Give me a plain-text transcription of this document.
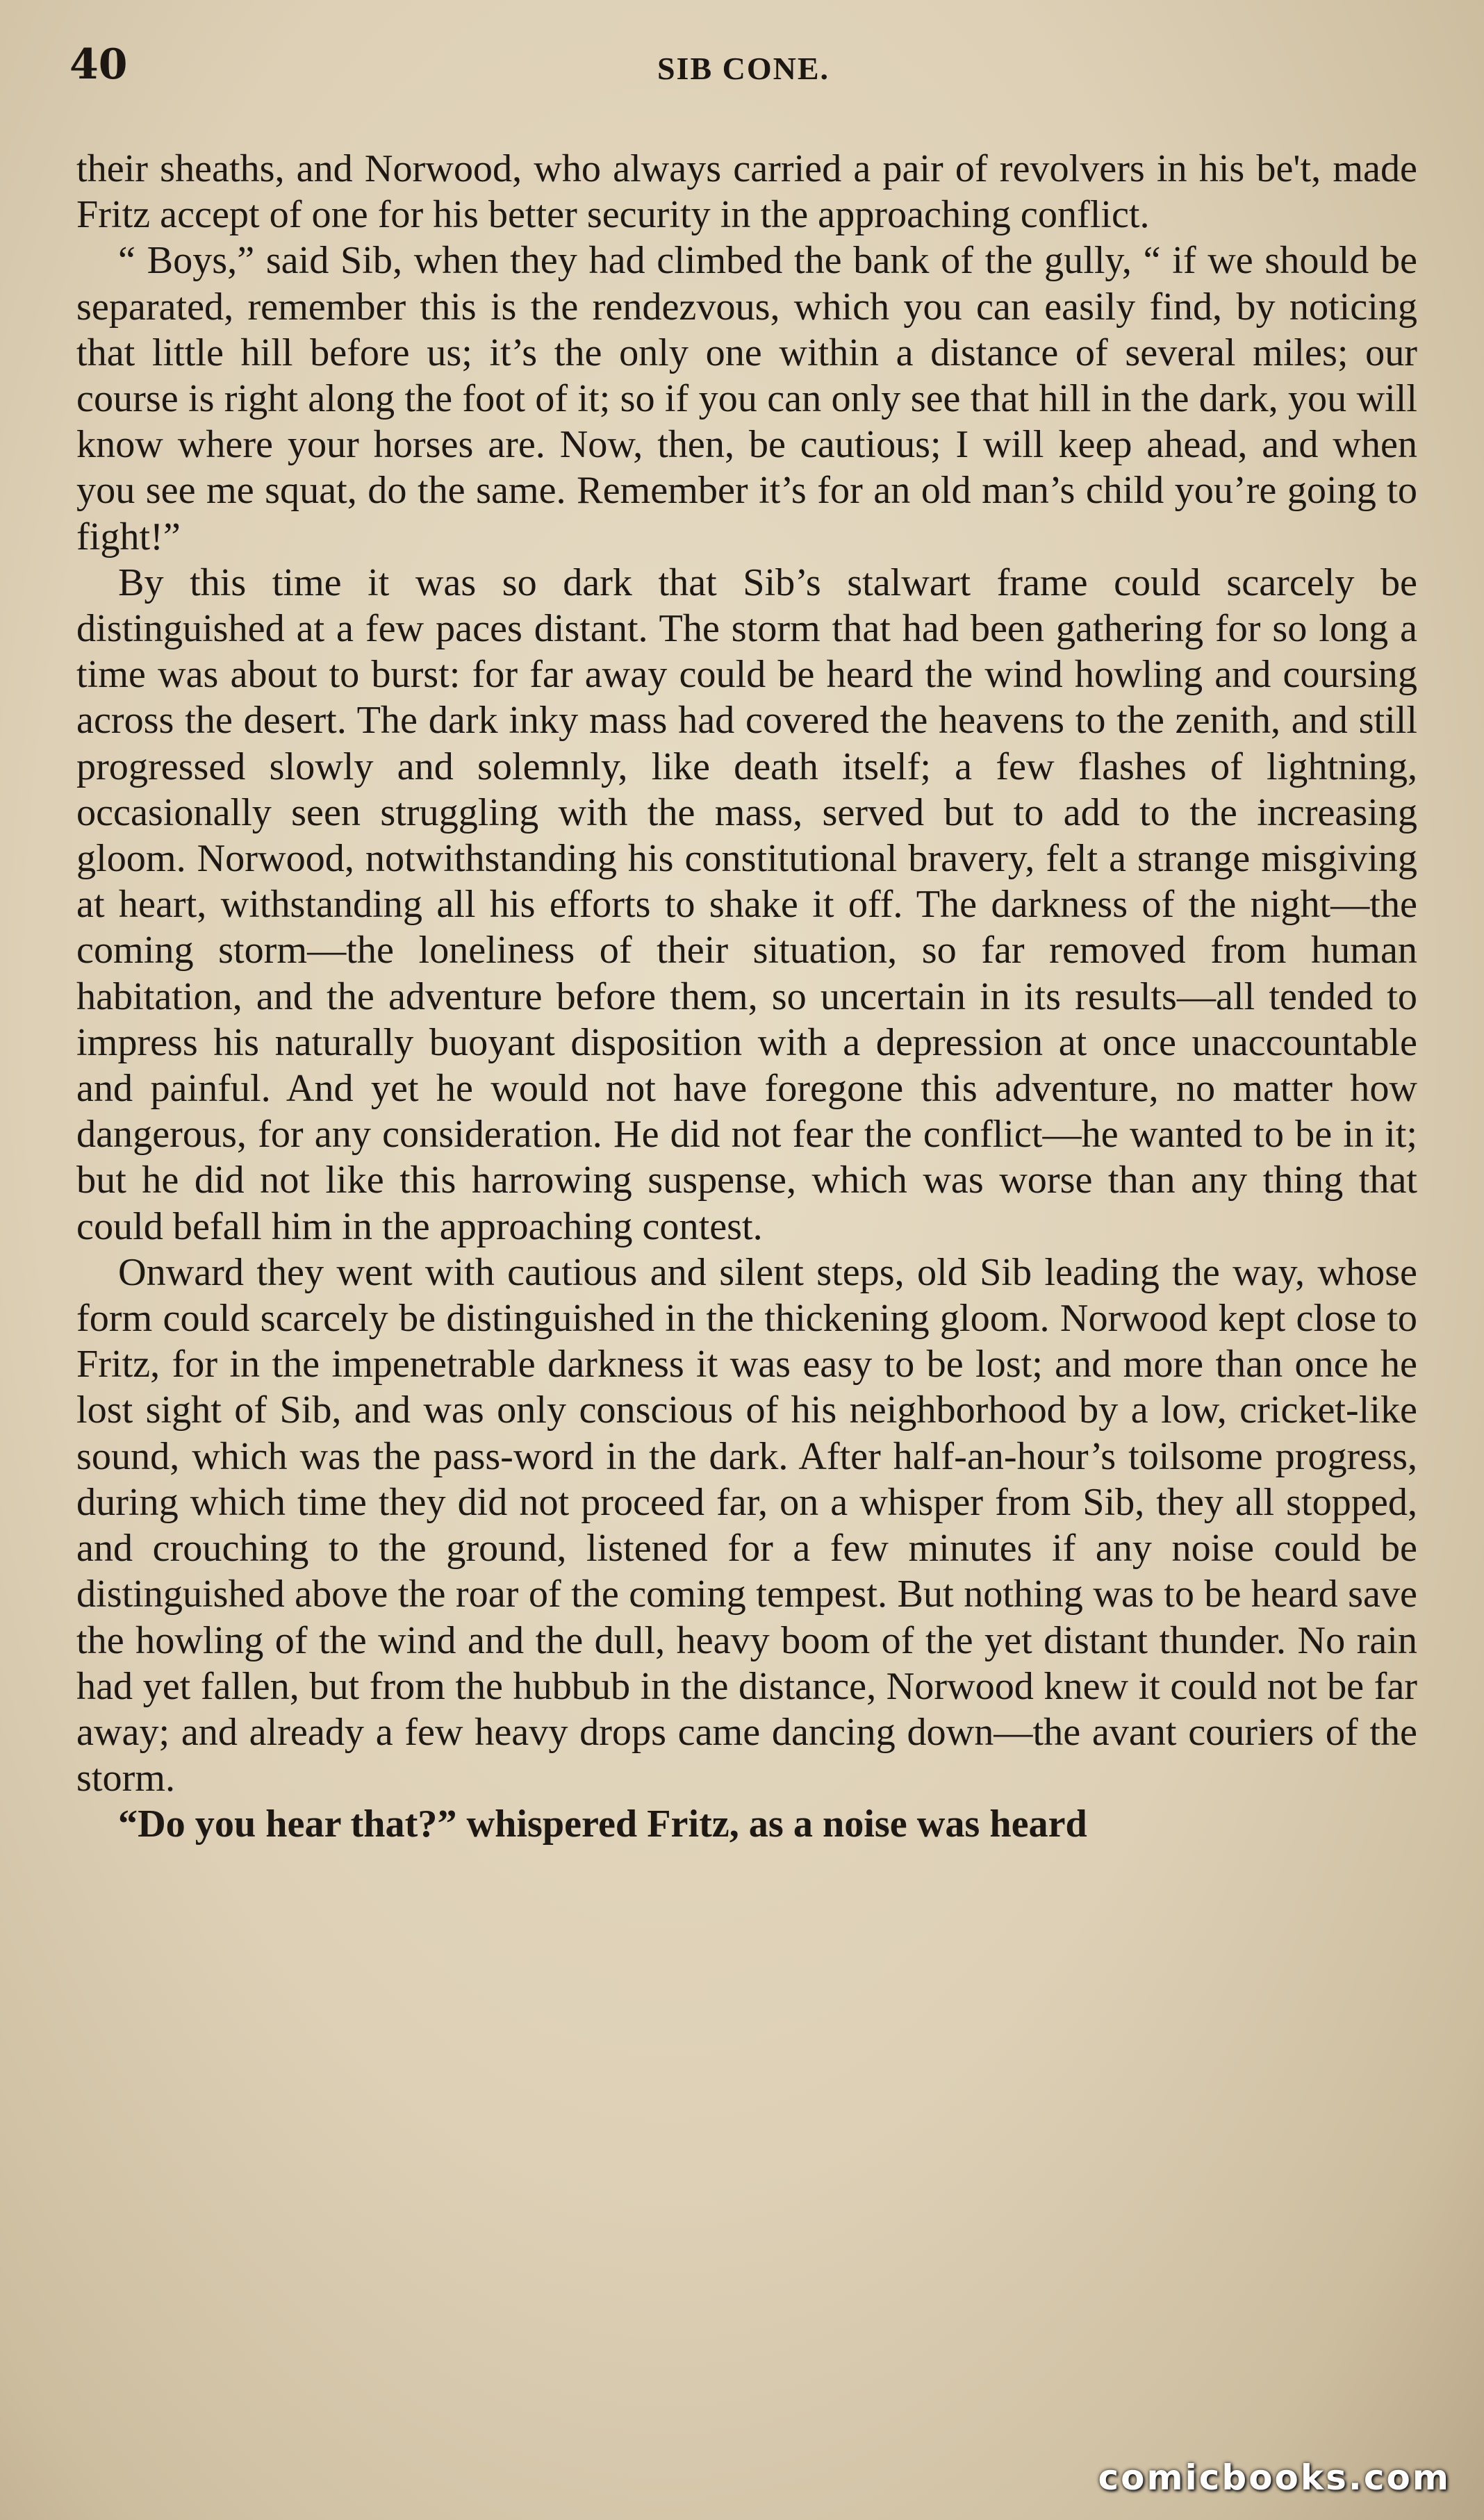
40	SIB CONE.

their sheaths, and Norwood, who always carried a pair of revolvers in his be't, made Fritz accept of one for his better security in the approaching conflict.

“ Boys,” said Sib, when they had climbed the bank of the gully, “ if we should be separated, remember this is the rendezvous, which you can easily find, by noticing that little hill before us; it’s the only one within a distance of several miles; our course is right along the foot of it; so if you can only see that hill in the dark, you will know where your horses are. Now, then, be cautious; I will keep ahead, and when you see me squat, do the same. Remember it’s for an old man’s child you’re going to fight!”

By this time it was so dark that Sib’s stalwart frame could scarcely be distinguished at a few paces distant. The storm that had been gathering for so long a time was about to burst: for far away could be heard the wind howling and coursing across the desert. The dark inky mass had covered the heavens to the zenith, and still progressed slowly and solemnly, like death itself; a few flashes of lightning, occasionally seen struggling with the mass, served but to add to the increasing gloom. Norwood, notwithstanding his constitutional bravery, felt a strange misgiving at heart, withstanding all his efforts to shake it off. The darkness of the night—the coming storm—the loneliness of their situation, so far removed from human habitation, and the adventure before them, so uncertain in its results—all tended to impress his naturally buoyant disposition with a depression at once unaccountable and painful. And yet he would not have foregone this adventure, no matter how dangerous, for any consideration. He did not fear the conflict—he wanted to be in it; but he did not like this harrowing suspense, which was worse than any thing that could befall him in the approaching contest.

Onward they went with cautious and silent steps, old Sib leading the way, whose form could scarcely be distinguished in the thickening gloom. Norwood kept close to Fritz, for in the impenetrable darkness it was easy to be lost; and more than once he lost sight of Sib, and was only conscious of his neighborhood by a low, cricket-like sound, which was the pass-word in the dark. After half-an-hour’s toilsome progress, during which time they did not proceed far, on a whisper from Sib, they all stopped, and crouching to the ground, listened for a few minutes if any noise could be distinguished above the roar of the coming tempest. But nothing was to be heard save the howling of the wind and the dull, heavy boom of the yet distant thunder. No rain had yet fallen, but from the hubbub in the distance, Norwood knew it could not be far away; and already a few heavy drops came dancing down—the avant couriers of the storm.

“Do you hear that?” whispered Fritz, as a noise was heard

comicbooks.com
